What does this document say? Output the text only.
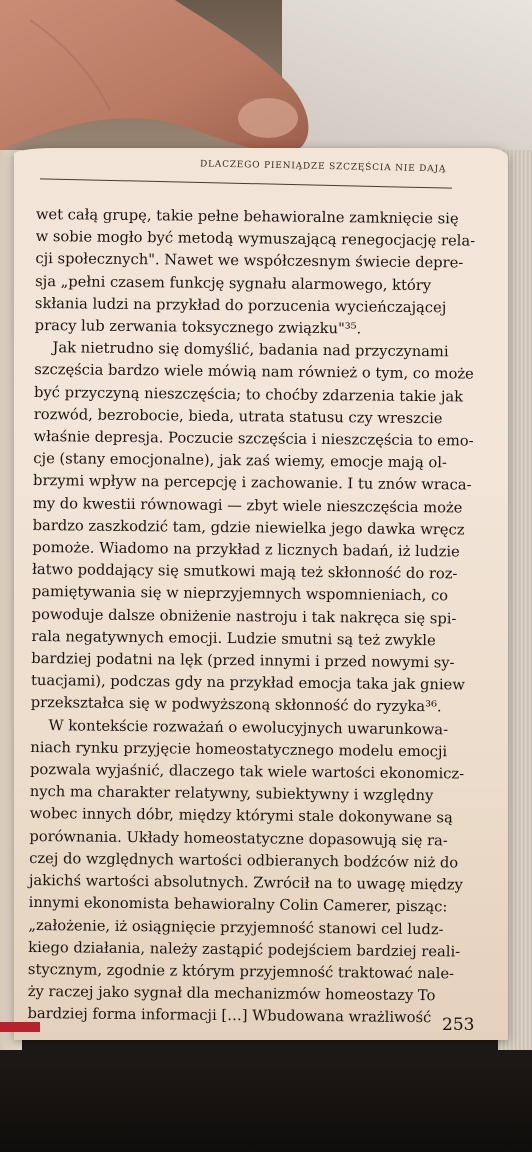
DLACZEGO PIENIĄDZE SZCZĘŚCIA NIE DAJĄ

wet całą grupę, takie pełne behawioralne zamknięcie się

w sobie mogło być metodą wymuszającą renegocjację rela-

cji społecznych". Nawet we współczesnym świecie depre-

sja „pełni czasem funkcję sygnału alarmowego, który

skłania ludzi na przykład do porzucenia wycieńczającej

pracy lub zerwania toksycznego związku"³⁵.

Jak nietrudno się domyślić, badania nad przyczynami

szczęścia bardzo wiele mówią nam również o tym, co może

być przyczyną nieszczęścia; to choćby zdarzenia takie jak

rozwód, bezrobocie, bieda, utrata statusu czy wreszcie

właśnie depresja. Poczucie szczęścia i nieszczęścia to emo-

cje (stany emocjonalne), jak zaś wiemy, emocje mają ol-

brzymi wpływ na percepcję i zachowanie. I tu znów wraca-

my do kwestii równowagi — zbyt wiele nieszczęścia może

bardzo zaszkodzić tam, gdzie niewielka jego dawka wręcz

pomoże. Wiadomo na przykład z licznych badań, iż ludzie

łatwo poddający się smutkowi mają też skłonność do roz-

pamiętywania się w nieprzyjemnych wspomnieniach, co

powoduje dalsze obniżenie nastroju i tak nakręca się spi-

rala negatywnych emocji. Ludzie smutni są też zwykle

bardziej podatni na lęk (przed innymi i przed nowymi sy-

tuacjami), podczas gdy na przykład emocja taka jak gniew

przekształca się w podwyższoną skłonność do ryzyka³⁶.

W kontekście rozważań o ewolucyjnych uwarunkowa-

niach rynku przyjęcie homeostatycznego modelu emocji

pozwala wyjaśnić, dlaczego tak wiele wartości ekonomicz-

nych ma charakter relatywny, subiektywny i względny

wobec innych dóbr, między którymi stale dokonywane są

porównania. Układy homeostatyczne dopasowują się ra-

czej do względnych wartości odbieranych bodźców niż do

jakichś wartości absolutnych. Zwrócił na to uwagę między

innymi ekonomista behawioralny Colin Camerer, pisząc:

„założenie, iż osiągnięcie przyjemność stanowi cel ludz-

kiego działania, należy zastąpić podejściem bardziej reali-

stycznym, zgodnie z którym przyjemność traktować nale-

ży raczej jako sygnał dla mechanizmów homeostazy To

bardziej forma informacji […] Wbudowana wrażliwość 253
